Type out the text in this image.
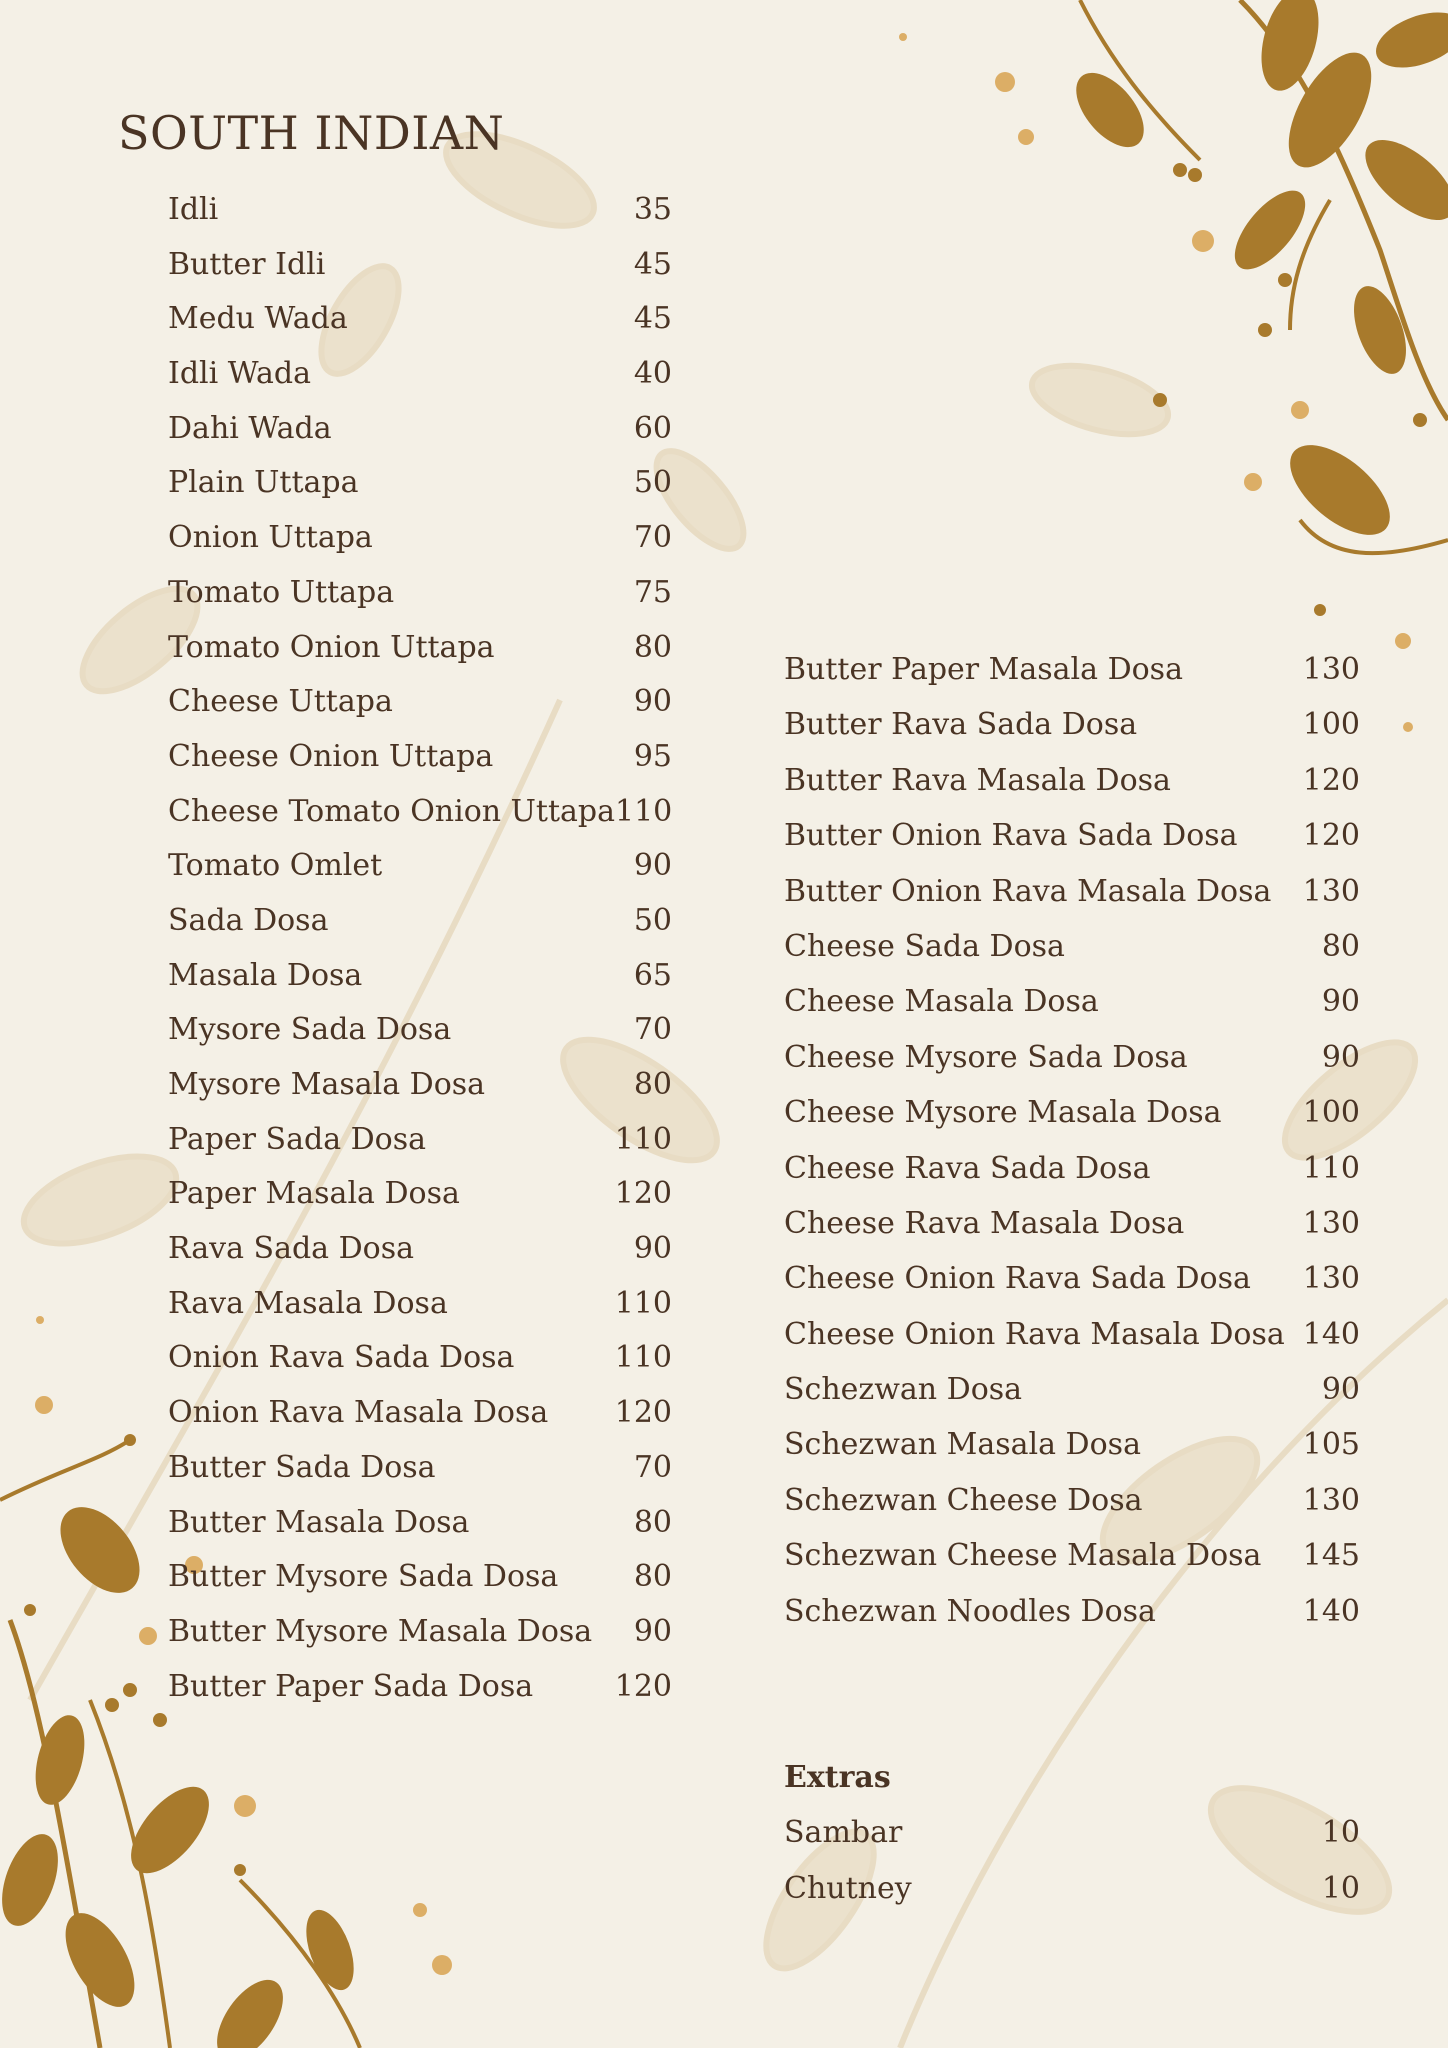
SOUTH INDIAN
Idli	35
Butter Idli	45
Medu Wada	45
Idli Wada	40
Dahi Wada	60
Plain Uttapa	50
Onion Uttapa	70
Tomato Uttapa	75
Tomato Onion Uttapa	80
Cheese Uttapa	90
Cheese Onion Uttapa	95
Cheese Tomato Onion Uttapa 110
Tomato Omlet	90
Sada Dosa	50
Masala Dosa	65
Mysore Sada Dosa	70
Mysore Masala Dosa	80
Paper Sada Dosa	110
Paper Masala Dosa	120
Rava Sada Dosa	90
Rava Masala Dosa	110
Onion Rava Sada Dosa	110
Onion Rava Masala Dosa 120
Butter Sada Dosa	70
Butter Masala Dosa	80
Butter Mysore Sada Dosa	80
Butter Mysore Masala Dosa 90
Butter Paper Sada Dosa	120
Butter Paper Masala Dosa	130
Butter Rava Sada Dosa	100
Butter Rava Masala Dosa	120
Butter Onion Rava Sada Dosa 120
Butter Onion Rava Masala Dosa 130
Cheese Sada Dosa	80
Cheese Masala Dosa	90
Cheese Mysore Sada Dosa	90
Cheese Mysore Masala Dosa	100
Cheese Rava Sada Dosa	110
Cheese Rava Masala Dosa	130
Cheese Onion Rava Sada Dosa 130
Cheese Onion Rava Masala Dosa 140
Schezwan Dosa	90
Schezwan Masala Dosa	105
Schezwan Cheese Dosa	130
Schezwan Cheese Masala Dosa 145
Schezwan Noodles Dosa	140
Extras
Sambar	10
Chutney	10
